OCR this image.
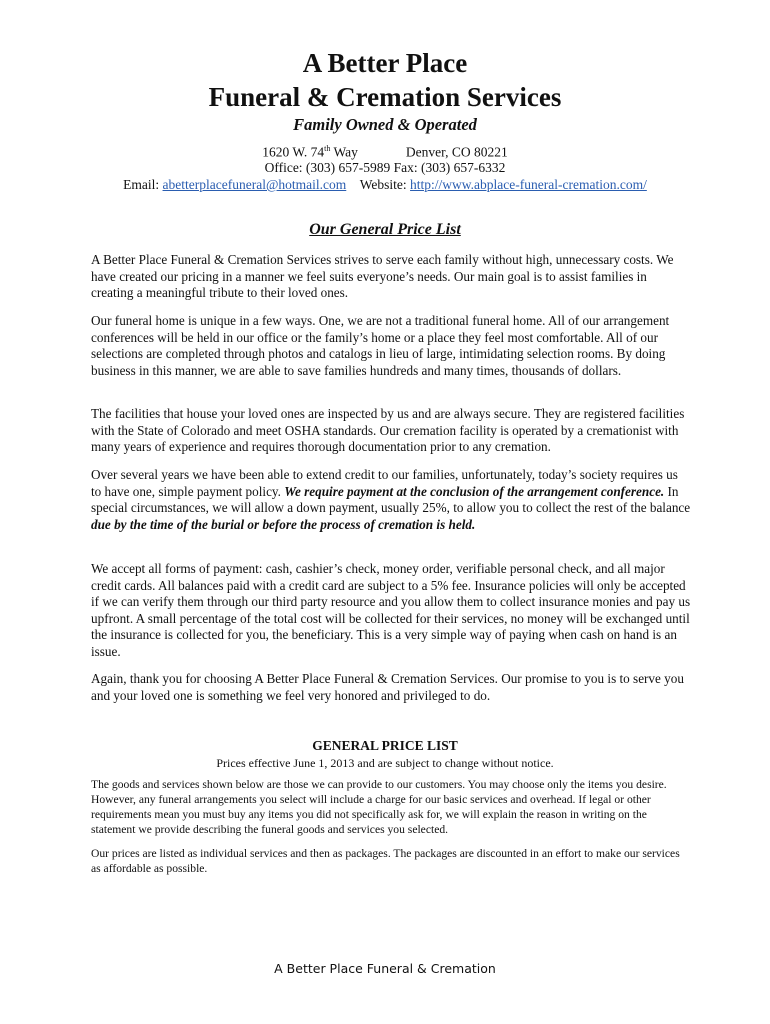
A Better Place
Funeral & Cremation Services
Family Owned & Operated
1620 W. 74th Way	Denver, CO 80221
Office: (303) 657-5989 Fax: (303) 657-6332
Email: abetterplacefuneral@hotmail.com Website: http://www.abplace-funeral-cremation.com/
Our General Price List

A Better Place Funeral & Cremation Services strives to serve each family without high, unnecessary costs. We have created our pricing in a manner we feel suits everyone’s needs. Our main goal is to assist families in creating a meaningful tribute to their loved ones.

Our funeral home is unique in a few ways. One, we are not a traditional funeral home. All of our arrangement conferences will be held in our office or the family’s home or a place they feel most comfortable. All of our selections are completed through photos and catalogs in lieu of large, intimidating selection rooms. By doing business in this manner, we are able to save families hundreds and many times, thousands of dollars.

The facilities that house your loved ones are inspected by us and are always secure. They are registered facilities with the State of Colorado and meet OSHA standards. Our cremation facility is operated by a cremationist with many years of experience and requires thorough documentation prior to any cremation.

Over several years we have been able to extend credit to our families, unfortunately, today’s society requires us to have one, simple payment policy. We require payment at the conclusion of the arrangement conference. In special circumstances, we will allow a down payment, usually 25%, to allow you to collect the rest of the balance due by the time of the burial or before the process of cremation is held.

We accept all forms of payment: cash, cashier’s check, money order, verifiable personal check, and all major credit cards. All balances paid with a credit card are subject to a 5% fee. Insurance policies will only be accepted if we can verify them through our third party resource and you allow them to collect insurance monies and pay us upfront. A small percentage of the total cost will be collected for their services, no money will be exchanged until the insurance is collected for you, the beneficiary. This is a very simple way of paying when cash on hand is an issue.

Again, thank you for choosing A Better Place Funeral & Cremation Services. Our promise to you is to serve you and your loved one is something we feel very honored and privileged to do.

GENERAL PRICE LIST
Prices effective June 1, 2013 and are subject to change without notice.

The goods and services shown below are those we can provide to our customers. You may choose only the items you desire. However, any funeral arrangements you select will include a charge for our basic services and overhead. If legal or other requirements mean you must buy any items you did not specifically ask for, we will explain the reason in writing on the statement we provide describing the funeral goods and services you selected.

Our prices are listed as individual services and then as packages. The packages are discounted in an effort to make our services as affordable as possible.

A Better Place Funeral & Cremation
